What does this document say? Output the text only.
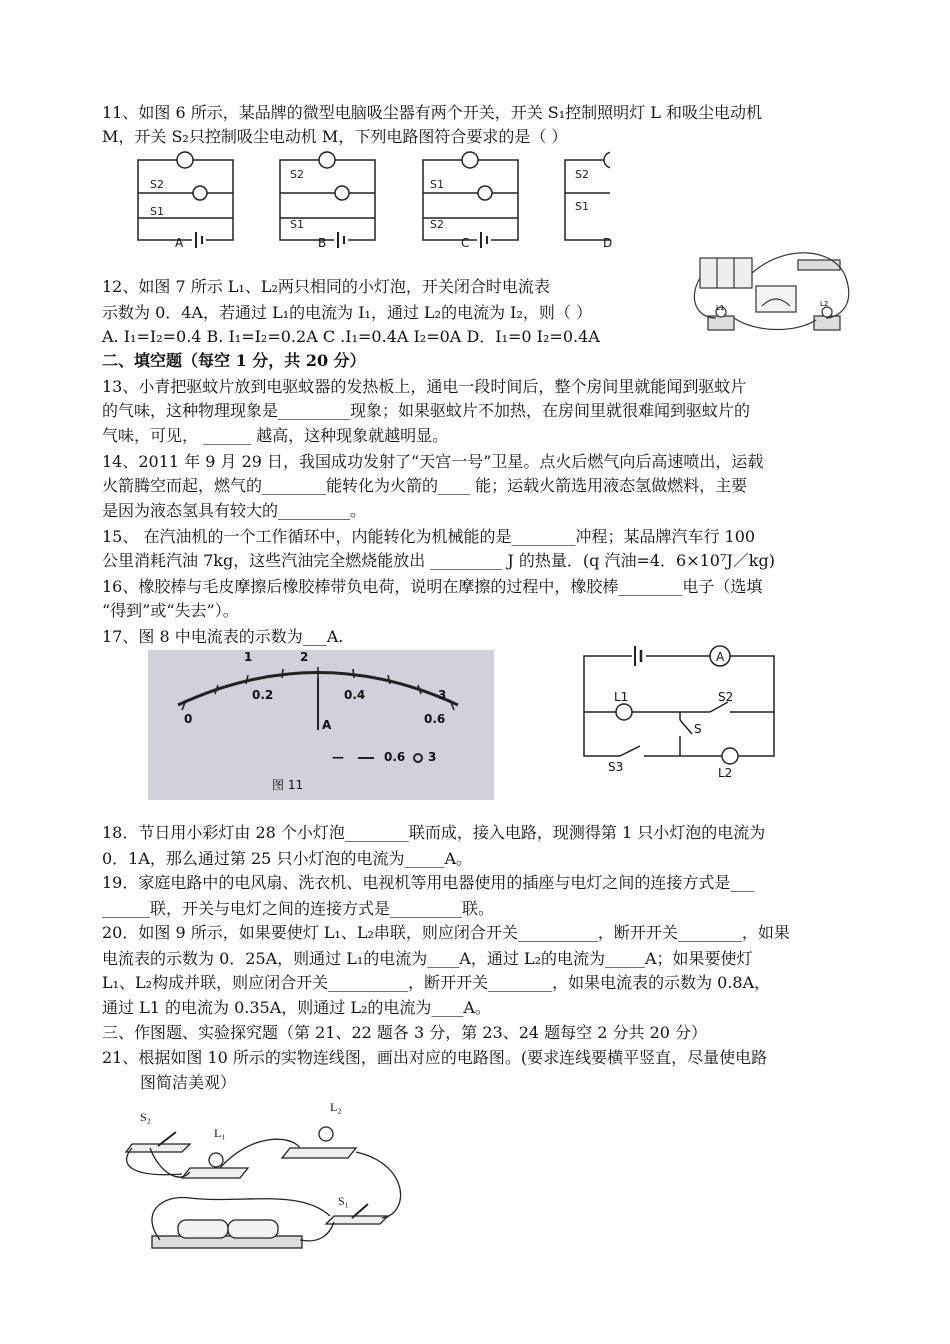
11、如图 6 所示，某品牌的微型电脑吸尘器有两个开关，开关 S₁控制照明灯 L 和吸尘电动机
M，开关 S₂只控制吸尘电动机 M，下列电路图符合要求的是（ ）
S2
S1
S2
S1
S1
S2
S2
S1
A	B	C	D
12、如图 7 所示 L₁、L₂两只相同的小灯泡，开关闭合时电流表
示数为 0．4A，若通过 L₁的电流为 I₁，通过 L₂的电流为 I₂，则（ ）
A. I₁=I₂=0.4 B. I₁=I₂=0.2A C .I₁=0.4A I₂=0A D．I₁=0 I₂=0.4A
L1	L2
二、填空题（每空 1 分，共 20 分）
13、小青把驱蚊片放到电驱蚊器的发热板上，通电一段时间后，整个房间里就能闻到驱蚊片
的气味，这种物理现象是_________现象；如果驱蚊片不加热，在房间里就很难闻到驱蚊片的
气味，可见， ______ 越高，这种现象就越明显。
14、2011 年 9 月 29 日，我国成功发射了“天宫一号”卫星。点火后燃气向后高速喷出，运载
火箭腾空而起，燃气的________能转化为火箭的____ 能；运载火箭选用液态氢做燃料，主要
是因为液态氢具有较大的_________。
15、 在汽油机的一个工作循环中，内能转化为机械能的是________冲程；某品牌汽车行 100
公里消耗汽油 7kg，这些汽油完全燃烧能放出 _________ J 的热量．(q 汽油=4．6×10⁷J／kg)
16、橡胶棒与毛皮摩擦后橡胶棒带负电荷，说明在摩擦的过程中，橡胶棒________电子（选填
“得到”或“失去”）。
17、图 8 中电流表的示数为___A.
0
0.2	0.4
0.6
1	2
3
A
—	0.6 3
图 11
A
L1	S2
S
S3	L2
18．节日用小彩灯由 28 个小灯泡________联而成，接入电路，现测得第 1 只小灯泡的电流为
0．1A，那么通过第 25 只小灯泡的电流为_____A。
19．家庭电路中的电风扇、洗衣机、电视机等用电器使用的插座与电灯之间的连接方式是___
______联，开关与电灯之间的连接方式是_________联。
20．如图 9 所示，如果要使灯 L₁、L₂串联，则应闭合开关__________，断开开关________，如果
电流表的示数为 0．25A，则通过 L₁的电流为____A，通过 L₂的电流为_____A；如果要使灯
L₁、L₂构成并联，则应闭合开关__________，断开开关________，如果电流表的示数为 0.8A，
通过 L1 的电流为 0.35A，则通过 L₂的电流为____A。
三、作图题、实验探究题（第 21、22 题各 3 分，第 23、24 题每空 2 分共 20 分）
21、根据如图 10 所示的实物连线图，画出对应的电路图。(要求连线要横平竖直，尽量使电路
图简洁美观）
S₂
L₁
L₂
S₁
